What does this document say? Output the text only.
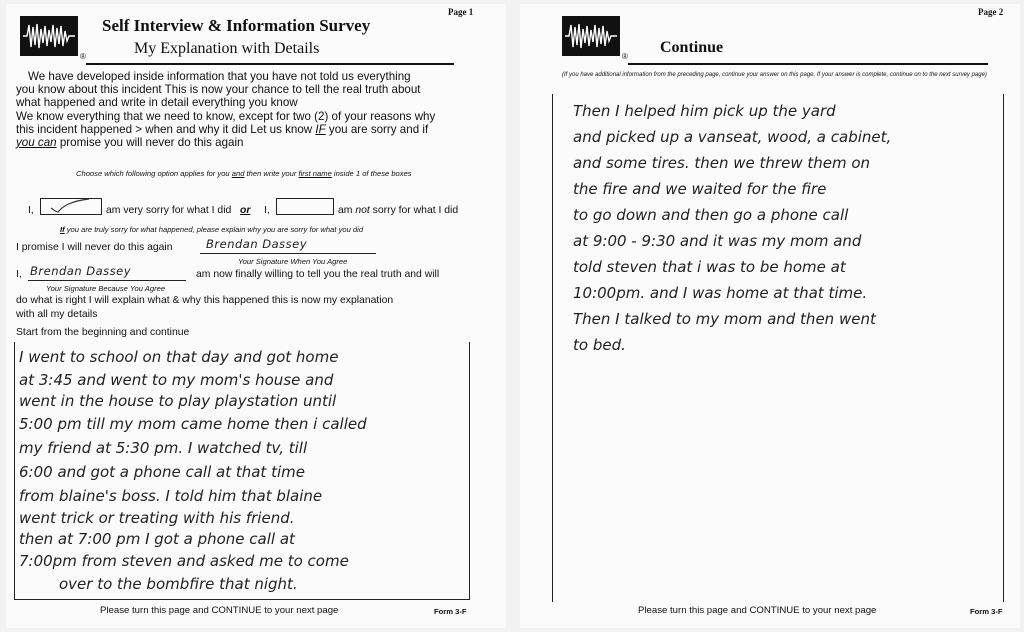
®
Page 1
Self Interview & Information Survey
My Explanation with Details
We have developed inside information that you have not told us everything
you know about this incident This is now your chance to tell the real truth about
what happened and write in detail everything you know
We know everything that we need to know, except for two (2) of your reasons why
this incident happened > when and why it did Let us know IF you are sorry and if
you can promise you will never do this again
Choose which following option applies for you and then write your first name inside 1 of these boxes
I,	am very sorry for what I did or I,	am not sorry for what I did
If you are truly sorry for what happened, please explain why you are sorry for what you did
I promise I will never do this again	Brendan Dassey
Your Signature When You Agree
I, Brendan Dassey	am now finally willing to tell you the real truth and will
Your Signature Because You Agree
do what is right I will explain what & why this happened this is now my explanation
with all my details
Start from the beginning and continue
I went to school on that day and got home
at 3:45 and went to my mom's house and
went in the house to play playstation until
5:00 pm till my mom came home then i called
my friend at 5:30 pm. I watched tv, till
6:00 and got a phone call at that time
from blaine's boss. I told him that blaine
went trick or treating with his friend.
then at 7:00 pm I got a phone call at
7:00pm from steven and asked me to come
over to the bombfire that night.
Please turn this page and CONTINUE to your next page	Form 3-F
®
Page 2
Continue
(If you have additional information from the preceding page, continue your answer on this page. If your answer is complete, continue on to the next survey page)
Then I helped him pick up the yard
and picked up a vanseat, wood, a cabinet,
and some tires. then we threw them on
the fire and we waited for the fire
to go down and then go a phone call
at 9:00 - 9:30 and it was my mom and
told steven that i was to be home at
10:00pm. and I was home at that time.
Then I talked to my mom and then went
to bed.
Please turn this page and CONTINUE to your next page	Form 3-F
